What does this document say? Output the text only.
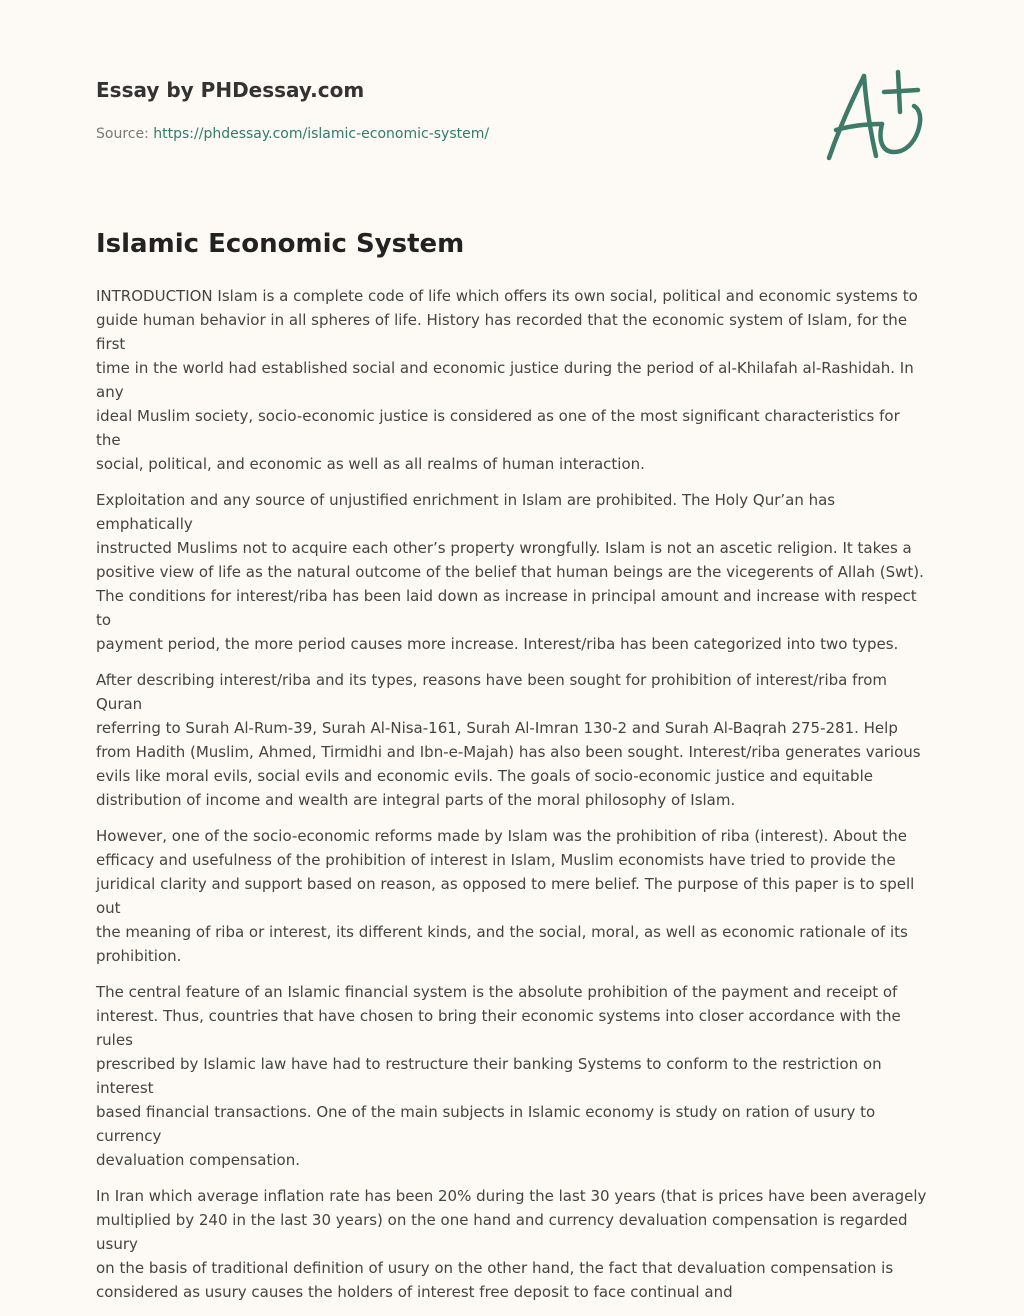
Essay by PHDessay.com

Source: https://phdessay.com/islamic-economic-system/
Islamic Economic System

INTRODUCTION Islam is a complete code of life which offers its own social, political and economic systems to
guide human behavior in all spheres of life. History has recorded that the economic system of Islam, for the first
time in the world had established social and economic justice during the period of al-Khilafah al-Rashidah. In any
ideal Muslim society, socio-economic justice is considered as one of the most significant characteristics for the
social, political, and economic as well as all realms of human interaction.

Exploitation and any source of unjustified enrichment in Islam are prohibited. The Holy Qur’an has emphatically
instructed Muslims not to acquire each other’s property wrongfully. Islam is not an ascetic religion. It takes a
positive view of life as the natural outcome of the belief that human beings are the vicegerents of Allah (Swt).
The conditions for interest/riba has been laid down as increase in principal amount and increase with respect to
payment period, the more period causes more increase. Interest/riba has been categorized into two types.

After describing interest/riba and its types, reasons have been sought for prohibition of interest/riba from Quran
referring to Surah Al-Rum-39, Surah Al-Nisa-161, Surah Al-Imran 130-2 and Surah Al-Baqrah 275-281. Help
from Hadith (Muslim, Ahmed, Tirmidhi and Ibn-e-Majah) has also been sought. Interest/riba generates various
evils like moral evils, social evils and economic evils. The goals of socio-economic justice and equitable
distribution of income and wealth are integral parts of the moral philosophy of Islam.

However, one of the socio-economic reforms made by Islam was the prohibition of riba (interest). About the
efficacy and usefulness of the prohibition of interest in Islam, Muslim economists have tried to provide the
juridical clarity and support based on reason, as opposed to mere belief. The purpose of this paper is to spell out
the meaning of riba or interest, its different kinds, and the social, moral, as well as economic rationale of its
prohibition.

The central feature of an Islamic financial system is the absolute prohibition of the payment and receipt of
interest. Thus, countries that have chosen to bring their economic systems into closer accordance with the rules
prescribed by Islamic law have had to restructure their banking Systems to conform to the restriction on interest
based financial transactions. One of the main subjects in Islamic economy is study on ration of usury to currency
devaluation compensation.

In Iran which average inflation rate has been 20% during the last 30 years (that is prices have been averagely
multiplied by 240 in the last 30 years) on the one hand and currency devaluation compensation is regarded usury
on the basis of traditional definition of usury on the other hand, the fact that devaluation compensation is
considered as usury causes the holders of interest free deposit to face continual and
